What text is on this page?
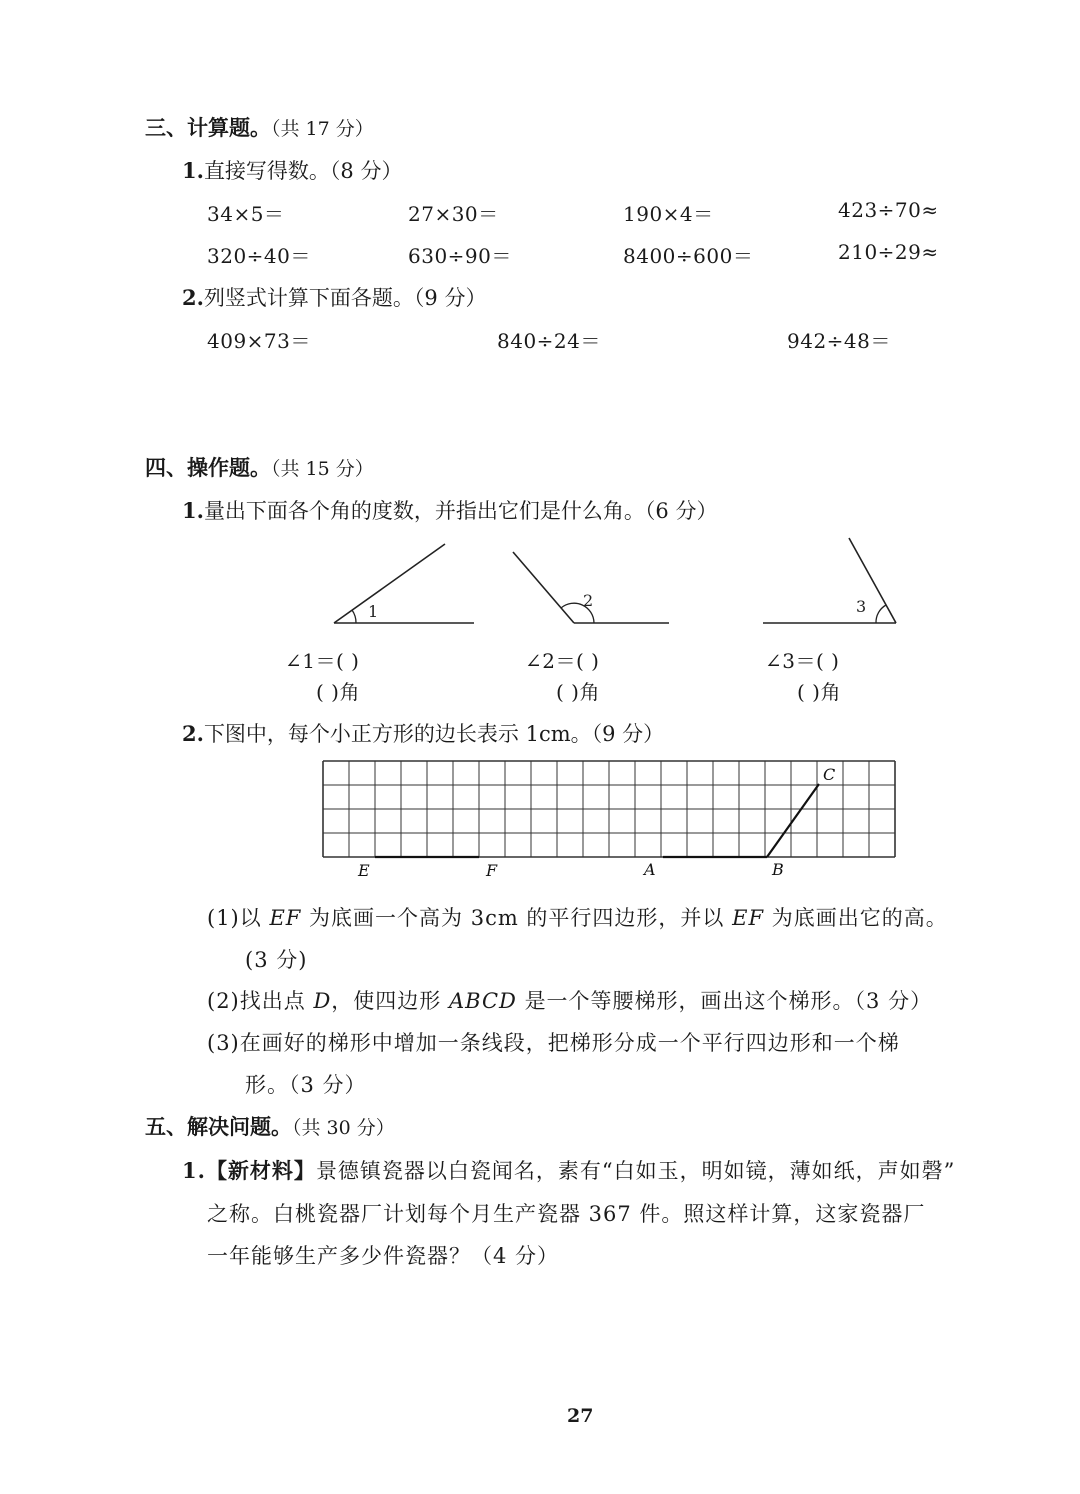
三、计算题。（共 17 分）
1.直接写得数。（8 分）
34×5＝	27×30＝	190×4＝	423÷70≈
320÷40＝	630÷90＝	8400÷600＝	210÷29≈
2.列竖式计算下面各题。（9 分）
409×73＝	840÷24＝	942÷48＝
四、操作题。（共 15 分）
1.量出下面各个角的度数，并指出它们是什么角。（6 分）
1
2	3
∠1＝( )	∠2＝( )	∠3＝( )
( )角	( )角	( )角
2.下图中，每个小正方形的边长表示 1cm。（9 分）
E	F	A	B
C
(1)以 EF 为底画一个高为 3cm 的平行四边形，并以 EF 为底画出它的高。
(3 分)
(2)找出点 D，使四边形 ABCD 是一个等腰梯形，画出这个梯形。（3 分）
(3)在画好的梯形中增加一条线段，把梯形分成一个平行四边形和一个梯
形。（3 分）
五、解决问题。（共 30 分）
1.【新材料】景德镇瓷器以白瓷闻名，素有“白如玉，明如镜，薄如纸，声如磬”
之称。白桃瓷器厂计划每个月生产瓷器 367 件。照这样计算，这家瓷器厂
一年能够生产多少件瓷器？（4 分）
27
